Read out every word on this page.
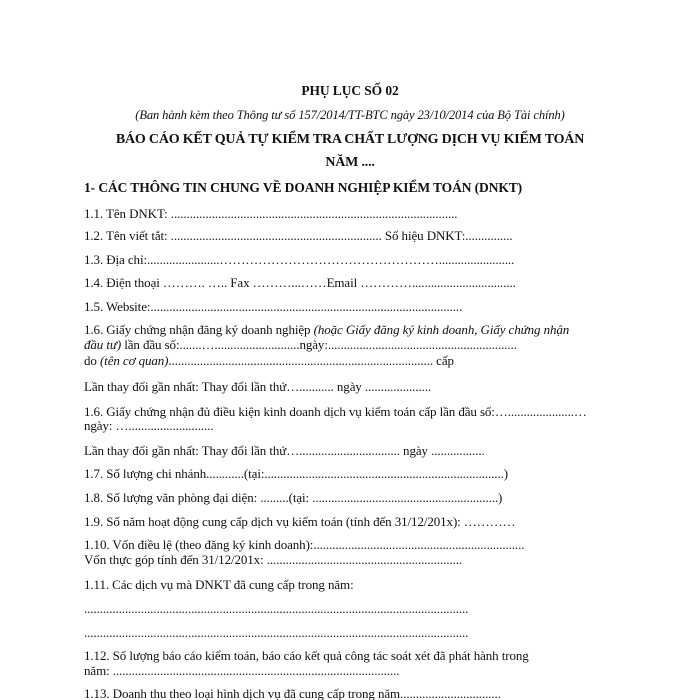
PHỤ LỤC SỐ 02
(Ban hành kèm theo Thông tư số 157/2014/TT-BTC ngày 23/10/2014 của Bộ Tài chính)
BÁO CÁO KẾT QUẢ TỰ KIỂM TRA CHẤT LƯỢNG DỊCH VỤ KIỂM TOÁN
NĂM ....
1- CÁC THÔNG TIN CHUNG VỀ DOANH NGHIỆP KIỂM TOÁN (DNKT)
1.1. Tên DNKT: ...........................................................................................
1.2. Tên viết tắt: ................................................................... Số hiệu DNKT:...............
1.3. Địa chỉ:.......................……………………………………………........................
1.4. Điện thoại ………. ….. Fax ………...……Email ………….................................
1.5. Website:...................................................................................................
1.6. Giấy chứng nhận đăng ký doanh nghiệp (hoặc Giấy đăng ký kinh doanh, Giấy chứng nhận
đầu tư) lần đầu số:.......…...........................ngày:............................................................
do (tên cơ quan).................................................................................... cấp
Lần thay đổi gần nhất: Thay đổi lần thứ…........... ngày .....................
1.6. Giấy chứng nhận đủ điều kiện kinh doanh dịch vụ kiểm toán cấp lần đầu số:….....................…
ngày: …...........................
Lần thay đổi gần nhất: Thay đổi lần thứ…................................ ngày .................
1.7. Số lượng chi nhánh............(tại:............................................................................)
1.8. Số lượng văn phòng đại diện: .........(tại: ...........................................................)
1.9. Số năm hoạt động cung cấp dịch vụ kiểm toán (tính đến 31/12/201x): …………
1.10. Vốn điều lệ (theo đăng ký kinh doanh):...................................................................
Vốn thực góp tính đến 31/12/201x: ..............................................................
1.11. Các dịch vụ mà DNKT đã cung cấp trong năm:
..........................................................................................................................
..........................................................................................................................
1.12. Số lượng báo cáo kiểm toán, báo cáo kết quả công tác soát xét đã phát hành trong
năm: ...........................................................................................
1.13. Doanh thu theo loại hình dịch vụ đã cung cấp trong năm................................
